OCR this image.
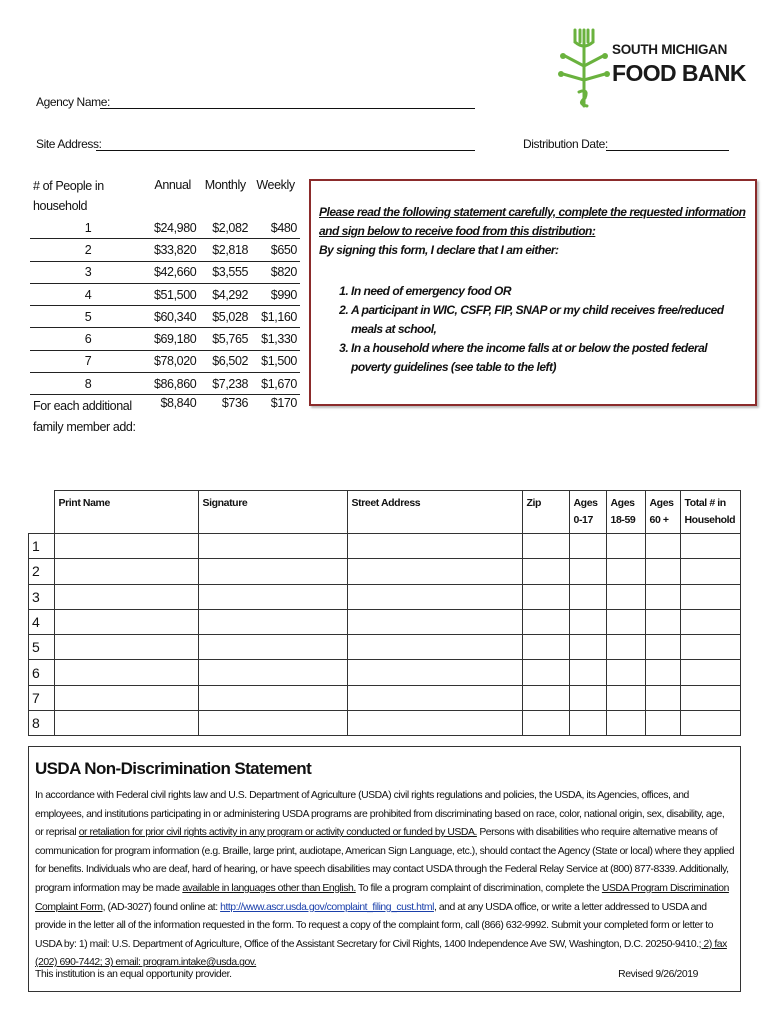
SOUTH MICHIGAN
FOOD BANK
Agency Name:
Site Address:	Distribution Date:
# of People in household	Annual	Monthly	Weekly
1	$24,980	$2,082	$480
2	$33,820	$2,818	$650
3	$42,660	$3,555	$820
4	$51,500	$4,292	$990
5	$60,340	$5,028	$1,160
6	$69,180	$5,765	$1,330
7	$78,020	$6,502	$1,500
8	$86,860	$7,238	$1,670
For each additional family member add:	$8,840	$736	$170
Please read the following statement carefully, complete the requested information and sign below to receive food from this distribution:
By signing this form, I declare that I am either:
1. In need of emergency food OR
2. A participant in WIC, CSFP, FIP, SNAP or my child receives free/reduced meals at school,
3. In a household where the income falls at or below the posted federal poverty guidelines (see table to the left)
	Print Name	Signature	Street Address	Zip	Ages 0-17	Ages 18-59	Ages 60 +	Total # in Household
1								
2								
3								
4								
5								
6								
7								
8								
USDA Non-Discrimination Statement
In accordance with Federal civil rights law and U.S. Department of Agriculture (USDA) civil rights regulations and policies, the USDA, its Agencies, offices, and employees, and institutions participating in or administering USDA programs are prohibited from discriminating based on race, color, national origin, sex, disability, age, or reprisal or retaliation for prior civil rights activity in any program or activity conducted or funded by USDA. Persons with disabilities who require alternative means of communication for program information (e.g. Braille, large print, audiotape, American Sign Language, etc.), should contact the Agency (State or local) where they applied for benefits. Individuals who are deaf, hard of hearing, or have speech disabilities may contact USDA through the Federal Relay Service at (800) 877-8339. Additionally, program information may be made available in languages other than English. To file a program complaint of discrimination, complete the USDA Program Discrimination Complaint Form, (AD-3027) found online at: http://www.ascr.usda.gov/complaint_filing_cust.html, and at any USDA office, or write a letter addressed to USDA and provide in the letter all of the information requested in the form. To request a copy of the complaint form, call (866) 632-9992. Submit your completed form or letter to USDA by: 1) mail: U.S. Department of Agriculture, Office of the Assistant Secretary for Civil Rights, 1400 Independence Ave SW, Washington, D.C. 20250-9410.; 2) fax (202) 690-7442; 3) email: program.intake@usda.gov.
This institution is an equal opportunity provider.	Revised 9/26/2019
